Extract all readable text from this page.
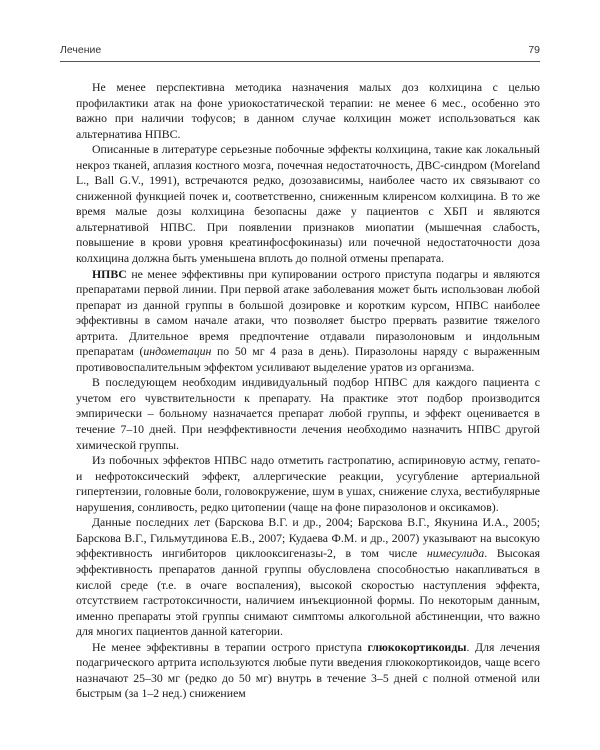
Лечение	79

Не менее перспективна методика назначения малых доз колхицина с целью профилактики атак на фоне уриокостатической терапии: не менее 6 мес., особенно это важно при наличии тофусов; в данном случае колхицин может использоваться как альтернатива НПВС.

Описанные в литературе серьезные побочные эффекты колхицина, такие как локальный некроз тканей, аплазия костного мозга, почечная недостаточность, ДВС-синдром (Moreland L., Ball G.V., 1991), встречаются редко, дозозависимы, наиболее часто их связывают со сниженной функцией почек и, соответственно, сниженным клиренсом колхицина. В то же время малые дозы колхицина безопасны даже у пациентов с ХБП и являются альтернативой НПВС. При появлении признаков миопатии (мышечная слабость, повышение в крови уровня креатинфосфокиназы) или почечной недостаточности доза колхицина должна быть уменьшена вплоть до полной отмены препарата.

НПВС не менее эффективны при купировании острого приступа подагры и являются препаратами первой линии. При первой атаке заболевания может быть использован любой препарат из данной группы в большой дозировке и коротким курсом, НПВС наиболее эффективны в самом начале атаки, что позволяет быстро прервать развитие тяжелого артрита. Длительное время предпочтение отдавали пиразолоновым и индольным препаратам (индометацин по 50 мг 4 раза в день). Пиразолоны наряду с выраженным противовоспалительным эффектом усиливают выделение уратов из организма.

В последующем необходим индивидуальный подбор НПВС для каждого пациента с учетом его чувствительности к препарату. На практике этот подбор производится эмпирически – больному назначается препарат любой группы, и эффект оценивается в течение 7–10 дней. При неэффективности лечения необходимо назначить НПВС другой химической группы.

Из побочных эффектов НПВС надо отметить гастропатию, аспириновую астму, гепато- и нефротоксический эффект, аллергические реакции, усугубление артериальной гипертензии, головные боли, головокружение, шум в ушах, снижение слуха, вестибулярные нарушения, сонливость, редко цитопении (чаще на фоне пиразолонов и оксикамов).

Данные последних лет (Барскова В.Г. и др., 2004; Барскова В.Г., Якунина И.А., 2005; Барскова В.Г., Гильмутдинова Е.В., 2007; Кудаева Ф.М. и др., 2007) указывают на высокую эффективность ингибиторов циклооксигеназы-2, в том числе нимесулида. Высокая эффективность препаратов данной группы обусловлена способностью накапливаться в кислой среде (т.е. в очаге воспаления), высокой скоростью наступления эффекта, отсутствием гастротоксичности, наличием инъекционной формы. По некоторым данным, именно препараты этой группы снимают симптомы алкогольной абстиненции, что важно для многих пациентов данной категории.

Не менее эффективны в терапии острого приступа глюкокортикоиды. Для лечения подагрического артрита используются любые пути введения глюкокортикоидов, чаще всего назначают 25–30 мг (редко до 50 мг) внутрь в течение 3–5 дней с полной отменой или быстрым (за 1–2 нед.) снижением
